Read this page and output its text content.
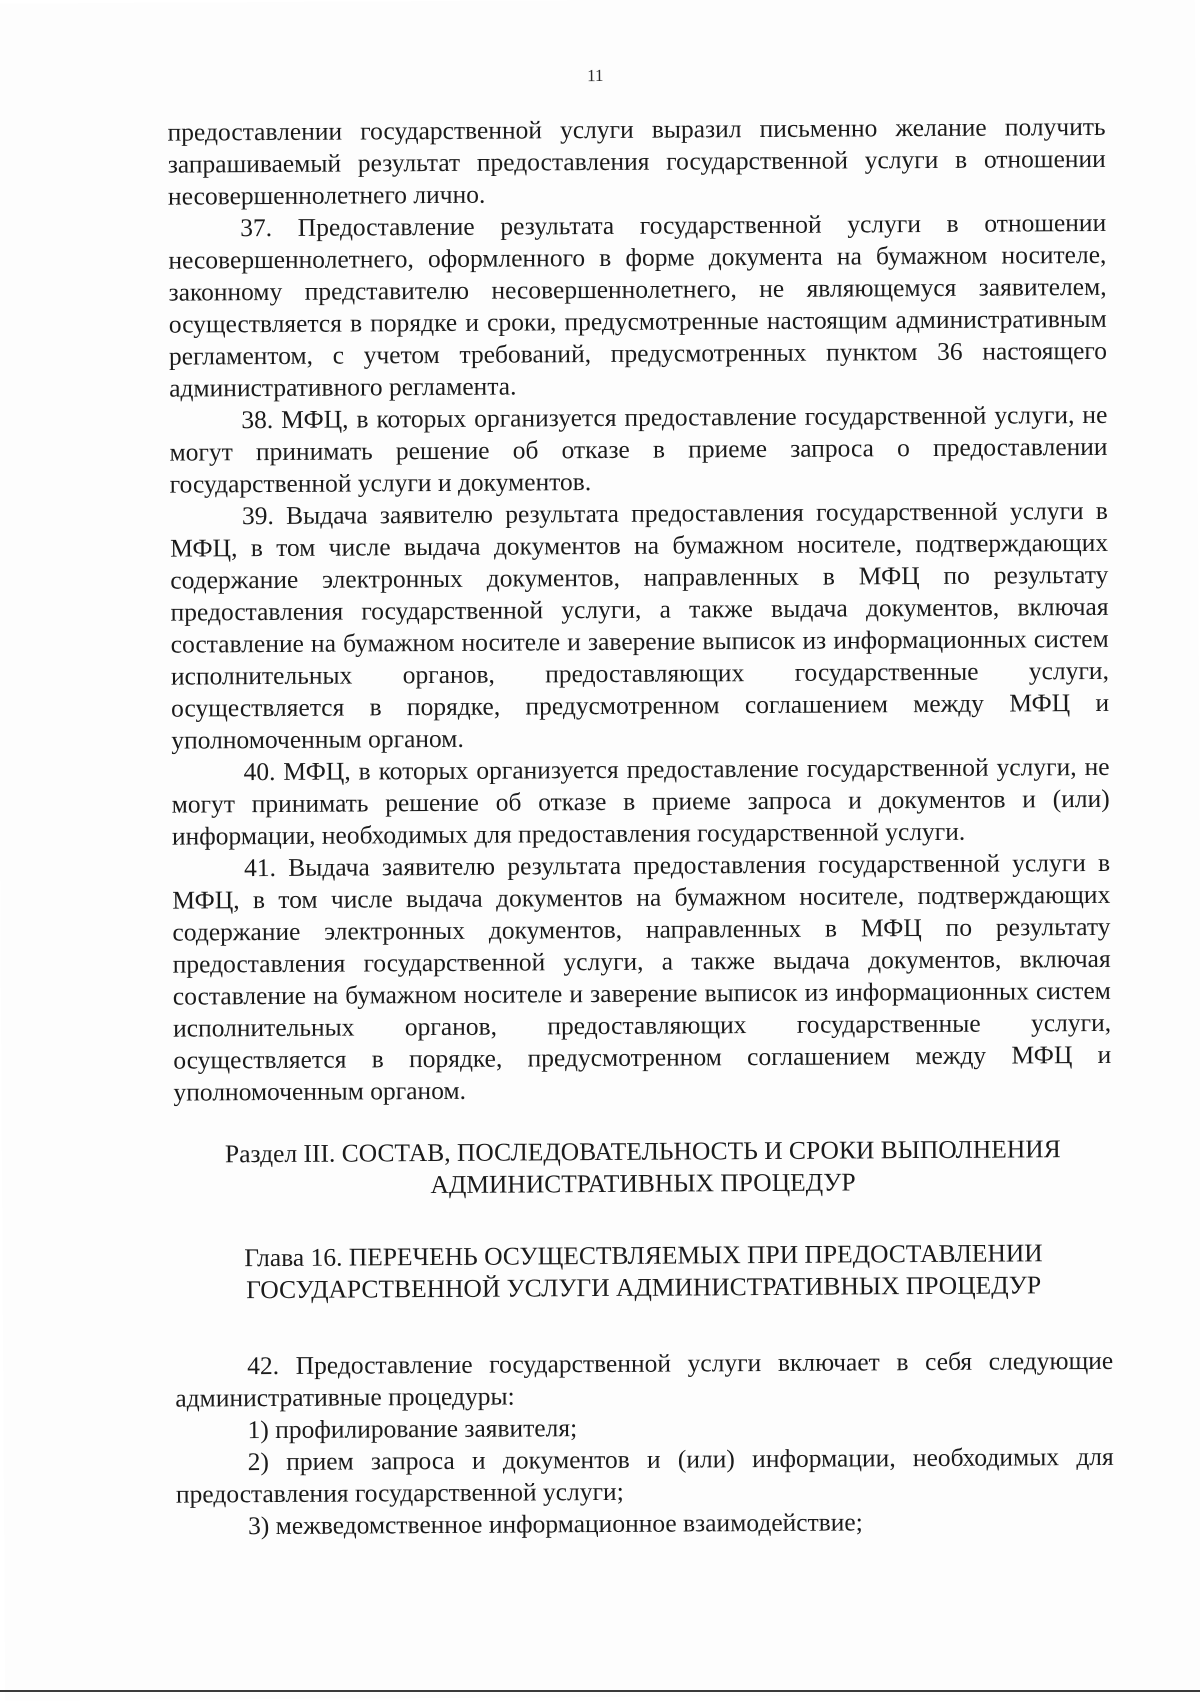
11

предоставлении государственной услуги выразил письменно желание получить запрашиваемый результат предоставления государственной услуги в отношении несовершеннолетнего лично.

37. Предоставление результата государственной услуги в отношении несовершеннолетнего, оформленного в форме документа на бумажном носителе, законному представителю несовершеннолетнего, не являющемуся заявителем, осуществляется в порядке и сроки, предусмотренные настоящим административным регламентом, с учетом требований, предусмотренных пунктом 36 настоящего административного регламента.

38. МФЦ, в которых организуется предоставление государственной услуги, не могут принимать решение об отказе в приеме запроса о предоставлении государственной услуги и документов.

39. Выдача заявителю результата предоставления государственной услуги в МФЦ, в том числе выдача документов на бумажном носителе, подтверждающих содержание электронных документов, направленных в МФЦ по результату предоставления государственной услуги, а также выдача документов, включая составление на бумажном носителе и заверение выписок из информационных систем исполнительных органов, предоставляющих государственные услуги, осуществляется в порядке, предусмотренном соглашением между МФЦ и уполномоченным органом.

40. МФЦ, в которых организуется предоставление государственной услуги, не могут принимать решение об отказе в приеме запроса и документов и (или) информации, необходимых для предоставления государственной услуги.

41. Выдача заявителю результата предоставления государственной услуги в МФЦ, в том числе выдача документов на бумажном носителе, подтверждающих содержание электронных документов, направленных в МФЦ по результату предоставления государственной услуги, а также выдача документов, включая составление на бумажном носителе и заверение выписок из информационных систем исполнительных органов, предоставляющих государственные услуги, осуществляется в порядке, предусмотренном соглашением между МФЦ и уполномоченным органом.

Раздел III. СОСТАВ, ПОСЛЕДОВАТЕЛЬНОСТЬ И СРОКИ ВЫПОЛНЕНИЯ
АДМИНИСТРАТИВНЫХ ПРОЦЕДУР
Глава 16. ПЕРЕЧЕНЬ ОСУЩЕСТВЛЯЕМЫХ ПРИ ПРЕДОСТАВЛЕНИИ
ГОСУДАРСТВЕННОЙ УСЛУГИ АДМИНИСТРАТИВНЫХ ПРОЦЕДУР

42. Предоставление государственной услуги включает в себя следующие административные процедуры:

1) профилирование заявителя;

2) прием запроса и документов и (или) информации, необходимых для предоставления государственной услуги;

3) межведомственное информационное взаимодействие;
